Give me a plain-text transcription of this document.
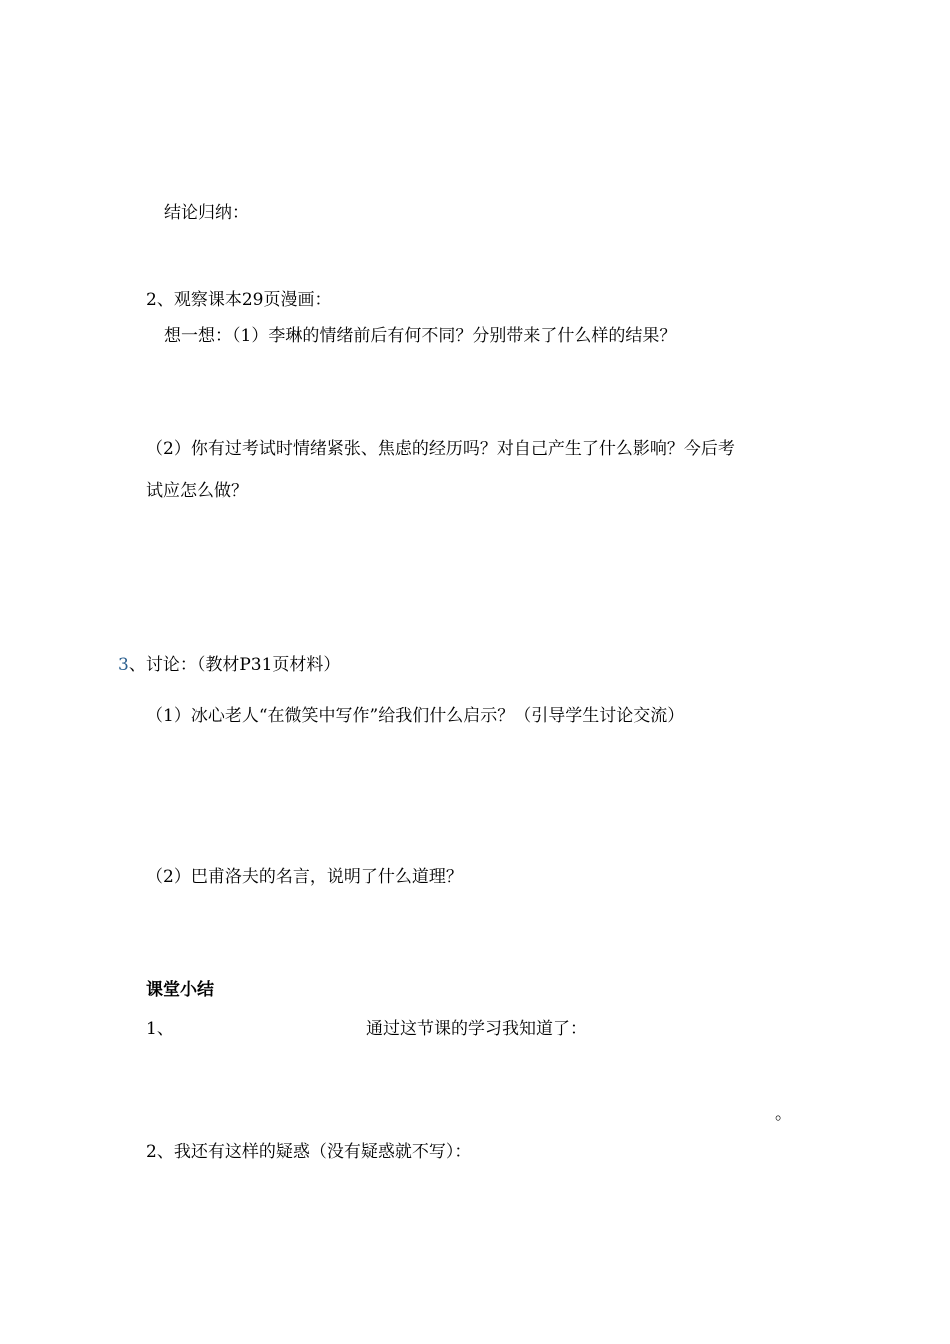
结论归纳：
2、观察课本29页漫画：
想一想：（1）李琳的情绪前后有何不同？分别带来了什么样的结果？
（2）你有过考试时情绪紧张、焦虑的经历吗？对自己产生了什么影响？今后考
试应怎么做？
3、讨论：（教材P31页材料）
（1）冰心老人“在微笑中写作”给我们什么启示？（引导学生讨论交流）
（2）巴甫洛夫的名言，说明了什么道理？
课堂小结
1、	通过这节课的学习我知道了：
。
2、我还有这样的疑惑（没有疑惑就不写）：
